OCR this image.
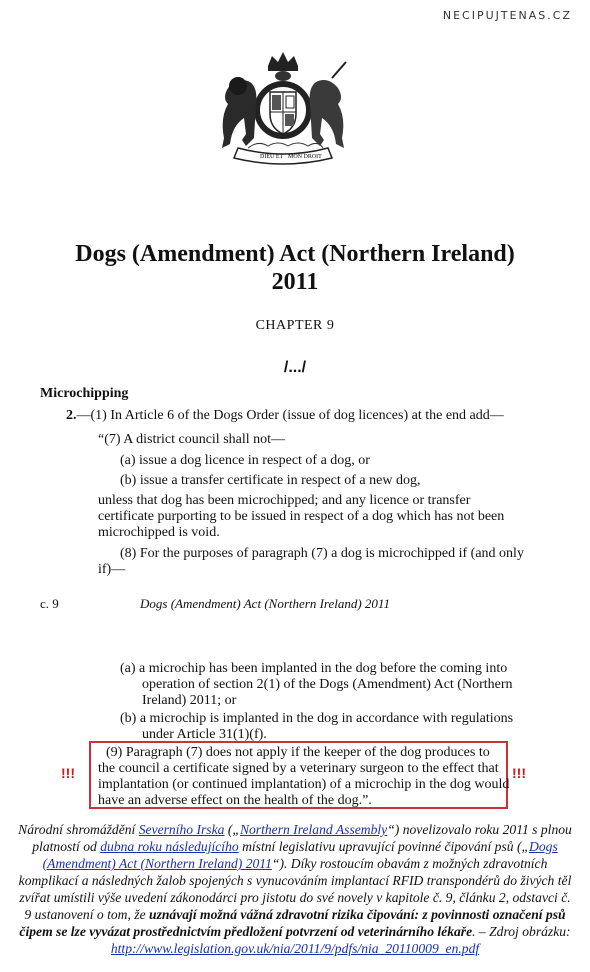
NECIPUJTENAS.CZ
DIEU ET MON DROIT
Dogs (Amendment) Act (Northern Ireland)
2011
CHAPTER 9
/.../
Microchipping
2.—(1) In Article 6 of the Dogs Order (issue of dog licences) at the end add—
“(7) A district council shall not—
(a) issue a dog licence in respect of a dog, or
(b) issue a transfer certificate in respect of a new dog,
unless that dog has been microchipped; and any licence or transfer
certificate purporting to be issued in respect of a dog which has not been
microchipped is void.
(8) For the purposes of paragraph (7) a dog is microchipped if (and only
if)—
c. 9	Dogs (Amendment) Act (Northern Ireland) 2011
(a) a microchip has been implanted in the dog before the coming into
operation of section 2(1) of the Dogs (Amendment) Act (Northern
Ireland) 2011; or
(b) a microchip is implanted in the dog in accordance with regulations
under Article 31(1)(f).
(9) Paragraph (7) does not apply if the keeper of the dog produces to
the council a certificate signed by a veterinary surgeon to the effect that
implantation (or continued implantation) of a microchip in the dog would
have an adverse effect on the health of the dog.”.
!!!	!!!
Národní shromáždění Severního Irska („Northern Ireland Assembly“) novelizovalo roku 2011 s plnou platností od dubna roku následujícího místní legislativu upravující povinné čipování psů („Dogs (Amendment) Act (Northern Ireland) 2011“). Díky rostoucím obavám z možných zdravotních komplikací a následných žalob spojených s vynucováním implantací RFID transpondérů do živých těl zvířat umístili výše uvedení zákonodárci pro jistotu do své novely v kapitole č. 9, článku 2, odstavci č. 9 ustanovení o tom, že uznávají možná vážná zdravotní rizika čipování: z povinnosti označení psů čipem se lze vyvázat prostřednictvím předložení potvrzení od veterinárního lékaře. – Zdroj obrázku: http://www.legislation.gov.uk/nia/2011/9/pdfs/nia_20110009_en.pdf
